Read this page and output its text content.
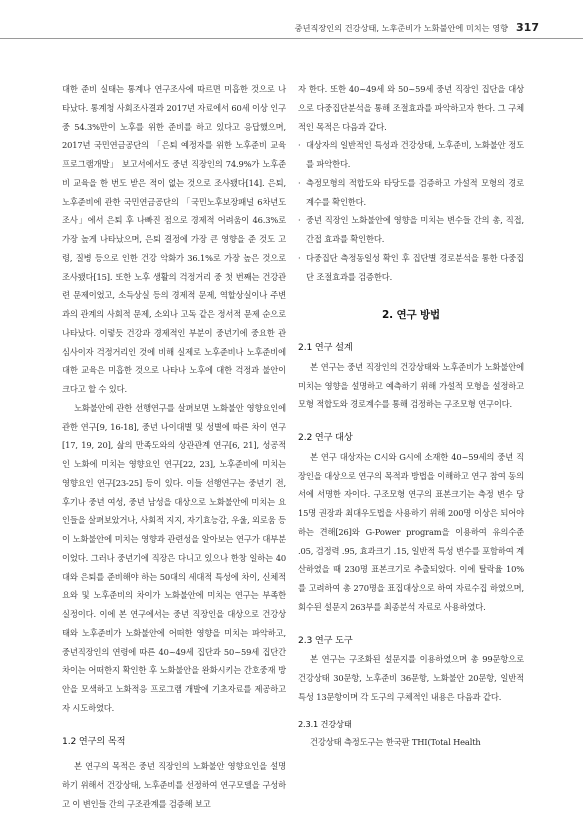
중년직장인의 건강상태, 노후준비가 노화불안에 미치는 영향 317

대한 준비 실태는 통계나 연구조사에 따르면 미흡한 것으로 나타났다. 통계청 사회조사결과 2017년 자료에서 60세 이상 인구 중 54.3%만이 노후를 위한 준비를 하고 있다고 응답했으며, 2017년 국민연금공단의 「은퇴 예정자를 위한 노후준비 교육프로그램개발」 보고서에서도 중년 직장인의 74.9%가 노후준비 교육을 한 번도 받은 적이 없는 것으로 조사됐다[14]. 은퇴, 노후준비에 관한 국민연금공단의 「국민노후보장패널 6차년도 조사」에서 은퇴 후 나빠진 점으로 경제적 어려움이 46.3%로 가장 높게 나타났으며, 은퇴 결정에 가장 큰 영향을 준 것도 고령, 질병 등으로 인한 건강 악화가 36.1%로 가장 높은 것으로 조사됐다[15]. 또한 노후 생활의 걱정거리 중 첫 번째는 건강관련 문제이었고, 소득상실 등의 경제적 문제, 역할상실이나 주변과의 관계의 사회적 문제, 소외나 고독 같은 정서적 문제 순으로 나타났다. 이렇듯 건강과 경제적인 부분이 중년기에 중요한 관심사이자 걱정거리인 것에 비해 실제로 노후준비나 노후준비에 대한 교육은 미흡한 것으로 나타나 노후에 대한 걱정과 불안이 크다고 할 수 있다.

노화불안에 관한 선행연구를 살펴보면 노화불안 영향요인에 관한 연구[9, 16-18], 중년 나이대별 및 성별에 따른 차이 연구[17, 19, 20], 삶의 만족도와의 상관관계 연구[6, 21], 성공적인 노화에 미치는 영향요인 연구[22, 23], 노후준비에 미치는 영향요인 연구[23-25] 등이 있다. 이들 선행연구는 중년기 전, 후기나 중년 여성, 중년 남성을 대상으로 노화불안에 미치는 요인들을 살펴보았거나, 사회적 지지, 자기효능감, 우울, 외로움 등이 노화불안에 미치는 영향과 관련성을 알아보는 연구가 대부분이었다. 그러나 중년기에 직장은 다니고 있으나 한창 일하는 40대와 은퇴를 준비해야 하는 50대의 세대적 특성에 차이, 신체적 요와 및 노후준비의 차이가 노화불안에 미치는 연구는 부족한 실정이다. 이에 본 연구에서는 중년 직장인을 대상으로 건강상태와 노후준비가 노화불안에 어떠한 영향을 미치는 파악하고, 중년직장인의 연령에 따른 40~49세 집단과 50~59세 집단간 차이는 어떠한지 확인한 후 노화불안을 완화시키는 간호중재 방안을 모색하고 노화적응 프로그램 개발에 기초자료를 제공하고자 시도하였다.

1.2 연구의 목적

본 연구의 목적은 중년 직장인의 노화불안 영향요인을 설명하기 위해서 건강상태, 노후준비를 선정하여 연구모델을 구성하고 이 변인들 간의 구조관계를 검증해 보고

자 한다. 또한 40~49세 와 50~59세 중년 직장인 집단을 대상으로 다중집단분석을 통해 조절효과를 파악하고자 한다. 그 구체적인 목적은 다음과 같다.

· 대상자의 일반적인 특성과 건강상태, 노후준비, 노화불안 정도를 파악한다.
· 측정모형의 적합도와 타당도를 검증하고 가설적 모형의 경로계수를 확인한다.
· 중년 직장인 노화불안에 영향을 미치는 변수들 간의 총, 직접, 간접 효과를 확인한다.
· 다중집단 측정동일성 확인 후 집단별 경로분석을 통한 다중집단 조절효과를 검증한다.
2. 연구 방법
2.1 연구 설계

본 연구는 중년 직장인의 건강상태와 노후준비가 노화불안에 미치는 영향을 설명하고 예측하기 위해 가설적 모형을 설정하고 모형 적합도와 경로계수를 통해 검정하는 구조모형 연구이다.

2.2 연구 대상

본 연구 대상자는 C시와 G시에 소재한 40~59세의 중년 직장인을 대상으로 연구의 목적과 방법을 이해하고 연구 참여 동의서에 서명한 자이다. 구조모형 연구의 표본크기는 측정 변수 당 15명 권장과 최대우도법을 사용하기 위해 200명 이상은 되어야 하는 견해[26]와 G-Power program을 이용하여 유의수준 .05, 검정력 .95, 효과크기 .15, 일반적 특성 변수를 포함하여 계산하였을 때 230명 표본크기로 추출되었다. 이에 탈락율 10%를 고려하여 총 270명을 표집대상으로 하여 자료수집 하였으며, 회수된 설문지 263부를 최종분석 자료로 사용하였다.

2.3 연구 도구

본 연구는 구조화된 설문지를 이용하였으며 총 99문항으로 건강상태 30문항, 노후준비 36문항, 노화불안 20문항, 일반적 특성 13문항이며 각 도구의 구체적인 내용은 다음과 같다.

2.3.1 건강상태

건강상태 측정도구는 한국판 THI(Total Health
